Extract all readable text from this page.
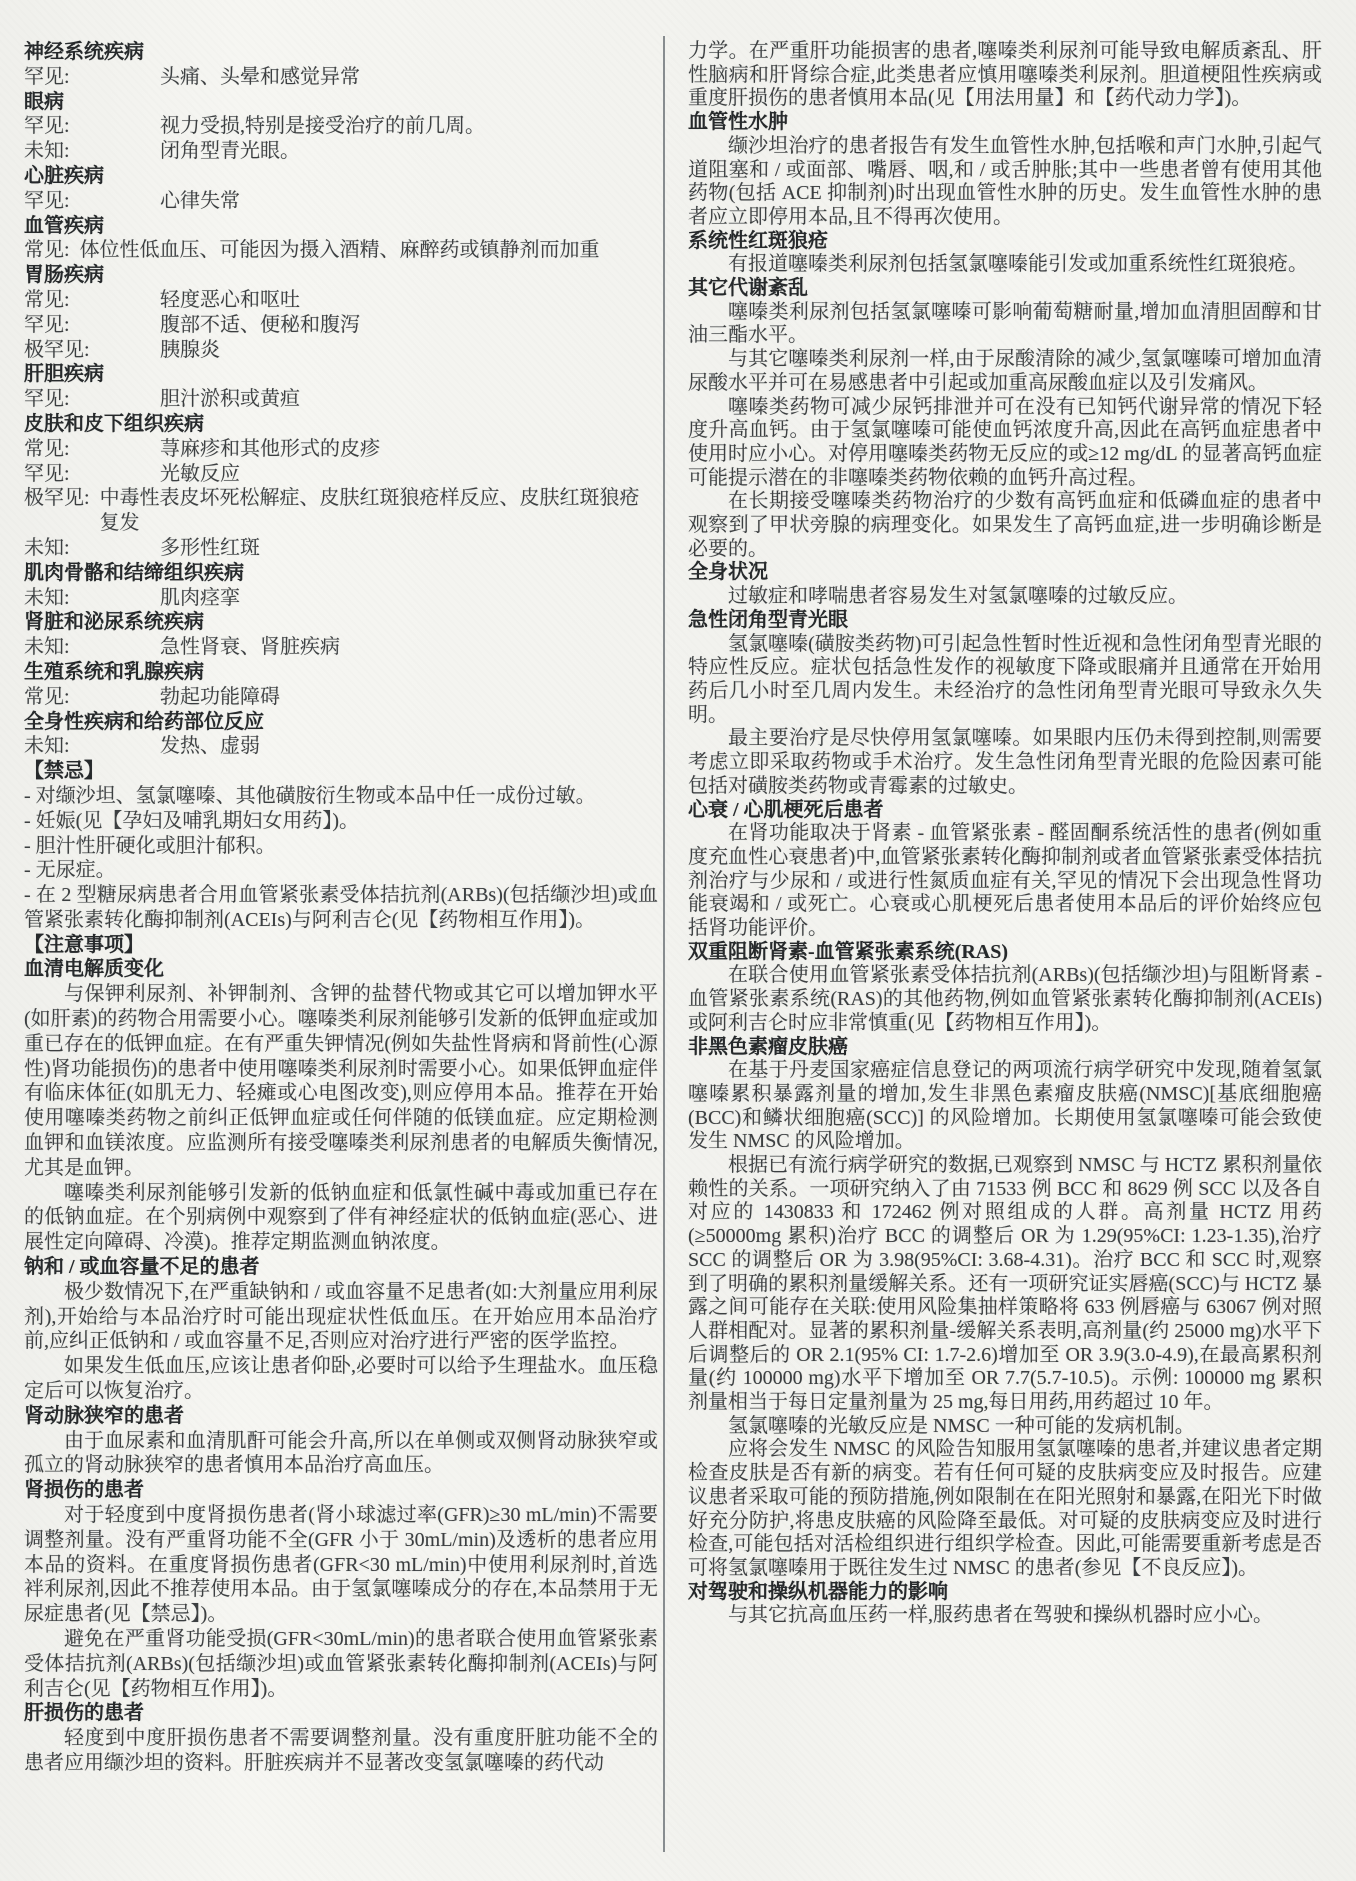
神经系统疾病
罕见:	头痛、头晕和感觉异常
眼病
罕见:	视力受损,特别是接受治疗的前几周。
未知:	闭角型青光眼。
心脏疾病
罕见:	心律失常
血管疾病
常见: 体位性低血压、可能因为摄入酒精、麻醉药或镇静剂而加重
胃肠疾病
常见:	轻度恶心和呕吐
罕见:	腹部不适、便秘和腹泻
极罕见:	胰腺炎
肝胆疾病
罕见:	胆汁淤积或黄疸
皮肤和皮下组织疾病
常见:	荨麻疹和其他形式的皮疹
罕见:	光敏反应
极罕见: 中毒性表皮坏死松解症、皮肤红斑狼疮样反应、皮肤红斑狼疮复发
未知:	多形性红斑
肌肉骨骼和结缔组织疾病
未知:	肌肉痉挛
肾脏和泌尿系统疾病
未知:	急性肾衰、肾脏疾病
生殖系统和乳腺疾病
常见:	勃起功能障碍
全身性疾病和给药部位反应
未知:	发热、虚弱
【禁忌】
- 对缬沙坦、氢氯噻嗪、其他磺胺衍生物或本品中任一成份过敏。
- 妊娠(见【孕妇及哺乳期妇女用药】)。
- 胆汁性肝硬化或胆汁郁积。
- 无尿症。
- 在 2 型糖尿病患者合用血管紧张素受体拮抗剂(ARBs)(包括缬沙坦)或血管紧张素转化酶抑制剂(ACEIs)与阿利吉仑(见【药物相互作用】)。
【注意事项】
血清电解质变化
与保钾利尿剂、补钾制剂、含钾的盐替代物或其它可以增加钾水平(如肝素)的药物合用需要小心。噻嗪类利尿剂能够引发新的低钾血症或加重已存在的低钾血症。在有严重失钾情况(例如失盐性肾病和肾前性(心源性)肾功能损伤)的患者中使用噻嗪类利尿剂时需要小心。如果低钾血症伴有临床体征(如肌无力、轻瘫或心电图改变),则应停用本品。推荐在开始使用噻嗪类药物之前纠正低钾血症或任何伴随的低镁血症。应定期检测血钾和血镁浓度。应监测所有接受噻嗪类利尿剂患者的电解质失衡情况,尤其是血钾。
噻嗪类利尿剂能够引发新的低钠血症和低氯性碱中毒或加重已存在的低钠血症。在个别病例中观察到了伴有神经症状的低钠血症(恶心、进展性定向障碍、冷漠)。推荐定期监测血钠浓度。
钠和 / 或血容量不足的患者
极少数情况下,在严重缺钠和 / 或血容量不足患者(如:大剂量应用利尿剂),开始给与本品治疗时可能出现症状性低血压。在开始应用本品治疗前,应纠正低钠和 / 或血容量不足,否则应对治疗进行严密的医学监控。
如果发生低血压,应该让患者仰卧,必要时可以给予生理盐水。血压稳定后可以恢复治疗。
肾动脉狭窄的患者
由于血尿素和血清肌酐可能会升高,所以在单侧或双侧肾动脉狭窄或孤立的肾动脉狭窄的患者慎用本品治疗高血压。
肾损伤的患者
对于轻度到中度肾损伤患者(肾小球滤过率(GFR)≥30 mL/min)不需要调整剂量。没有严重肾功能不全(GFR 小于 30mL/min)及透析的患者应用本品的资料。在重度肾损伤患者(GFR<30 mL/min)中使用利尿剂时,首选袢利尿剂,因此不推荐使用本品。由于氢氯噻嗪成分的存在,本品禁用于无尿症患者(见【禁忌】)。
避免在严重肾功能受损(GFR<30mL/min)的患者联合使用血管紧张素受体拮抗剂(ARBs)(包括缬沙坦)或血管紧张素转化酶抑制剂(ACEIs)与阿利吉仑(见【药物相互作用】)。
肝损伤的患者
轻度到中度肝损伤患者不需要调整剂量。没有重度肝脏功能不全的患者应用缬沙坦的资料。肝脏疾病并不显著改变氢氯噻嗪的药代动
力学。在严重肝功能损害的患者,噻嗪类利尿剂可能导致电解质紊乱、肝性脑病和肝肾综合症,此类患者应慎用噻嗪类利尿剂。胆道梗阻性疾病或重度肝损伤的患者慎用本品(见【用法用量】和【药代动力学】)。
血管性水肿
缬沙坦治疗的患者报告有发生血管性水肿,包括喉和声门水肿,引起气道阻塞和 / 或面部、嘴唇、咽,和 / 或舌肿胀;其中一些患者曾有使用其他药物(包括 ACE 抑制剂)时出现血管性水肿的历史。发生血管性水肿的患者应立即停用本品,且不得再次使用。
系统性红斑狼疮
有报道噻嗪类利尿剂包括氢氯噻嗪能引发或加重系统性红斑狼疮。
其它代谢紊乱
噻嗪类利尿剂包括氢氯噻嗪可影响葡萄糖耐量,增加血清胆固醇和甘油三酯水平。
与其它噻嗪类利尿剂一样,由于尿酸清除的减少,氢氯噻嗪可增加血清尿酸水平并可在易感患者中引起或加重高尿酸血症以及引发痛风。
噻嗪类药物可减少尿钙排泄并可在没有已知钙代谢异常的情况下轻度升高血钙。由于氢氯噻嗪可能使血钙浓度升高,因此在高钙血症患者中使用时应小心。对停用噻嗪类药物无反应的或≥12 mg/dL 的显著高钙血症可能提示潜在的非噻嗪类药物依赖的血钙升高过程。
在长期接受噻嗪类药物治疗的少数有高钙血症和低磷血症的患者中观察到了甲状旁腺的病理变化。如果发生了高钙血症,进一步明确诊断是必要的。
全身状况
过敏症和哮喘患者容易发生对氢氯噻嗪的过敏反应。
急性闭角型青光眼
氢氯噻嗪(磺胺类药物)可引起急性暂时性近视和急性闭角型青光眼的特应性反应。症状包括急性发作的视敏度下降或眼痛并且通常在开始用药后几小时至几周内发生。未经治疗的急性闭角型青光眼可导致永久失明。
最主要治疗是尽快停用氢氯噻嗪。如果眼内压仍未得到控制,则需要考虑立即采取药物或手术治疗。发生急性闭角型青光眼的危险因素可能包括对磺胺类药物或青霉素的过敏史。
心衰 / 心肌梗死后患者
在肾功能取决于肾素 - 血管紧张素 - 醛固酮系统活性的患者(例如重度充血性心衰患者)中,血管紧张素转化酶抑制剂或者血管紧张素受体拮抗剂治疗与少尿和 / 或进行性氮质血症有关,罕见的情况下会出现急性肾功能衰竭和 / 或死亡。心衰或心肌梗死后患者使用本品后的评价始终应包括肾功能评价。
双重阻断肾素-血管紧张素系统(RAS)
在联合使用血管紧张素受体拮抗剂(ARBs)(包括缬沙坦)与阻断肾素 - 血管紧张素系统(RAS)的其他药物,例如血管紧张素转化酶抑制剂(ACEIs)或阿利吉仑时应非常慎重(见【药物相互作用】)。
非黑色素瘤皮肤癌
在基于丹麦国家癌症信息登记的两项流行病学研究中发现,随着氢氯噻嗪累积暴露剂量的增加,发生非黑色素瘤皮肤癌(NMSC)[基底细胞癌(BCC)和鳞状细胞癌(SCC)] 的风险增加。长期使用氢氯噻嗪可能会致使发生 NMSC 的风险增加。
根据已有流行病学研究的数据,已观察到 NMSC 与 HCTZ 累积剂量依赖性的关系。一项研究纳入了由 71533 例 BCC 和 8629 例 SCC 以及各自对应的 1430833 和 172462 例对照组成的人群。高剂量 HCTZ 用药(≥50000mg 累积)治疗 BCC 的调整后 OR 为 1.29(95%CI: 1.23-1.35),治疗 SCC 的调整后 OR 为 3.98(95%CI: 3.68-4.31)。治疗 BCC 和 SCC 时,观察到了明确的累积剂量缓解关系。还有一项研究证实唇癌(SCC)与 HCTZ 暴露之间可能存在关联:使用风险集抽样策略将 633 例唇癌与 63067 例对照人群相配对。显著的累积剂量-缓解关系表明,高剂量(约 25000 mg)水平下后调整后的 OR 2.1(95% CI: 1.7-2.6)增加至 OR 3.9(3.0-4.9),在最高累积剂量(约 100000 mg)水平下增加至 OR 7.7(5.7-10.5)。示例: 100000 mg 累积剂量相当于每日定量剂量为 25 mg,每日用药,用药超过 10 年。
氢氯噻嗪的光敏反应是 NMSC 一种可能的发病机制。
应将会发生 NMSC 的风险告知服用氢氯噻嗪的患者,并建议患者定期检查皮肤是否有新的病变。若有任何可疑的皮肤病变应及时报告。应建议患者采取可能的预防措施,例如限制在在阳光照射和暴露,在阳光下时做好充分防护,将患皮肤癌的风险降至最低。对可疑的皮肤病变应及时进行检查,可能包括对活检组织进行组织学检查。因此,可能需要重新考虑是否可将氢氯噻嗪用于既往发生过 NMSC 的患者(参见【不良反应】)。
对驾驶和操纵机器能力的影响
与其它抗高血压药一样,服药患者在驾驶和操纵机器时应小心。
